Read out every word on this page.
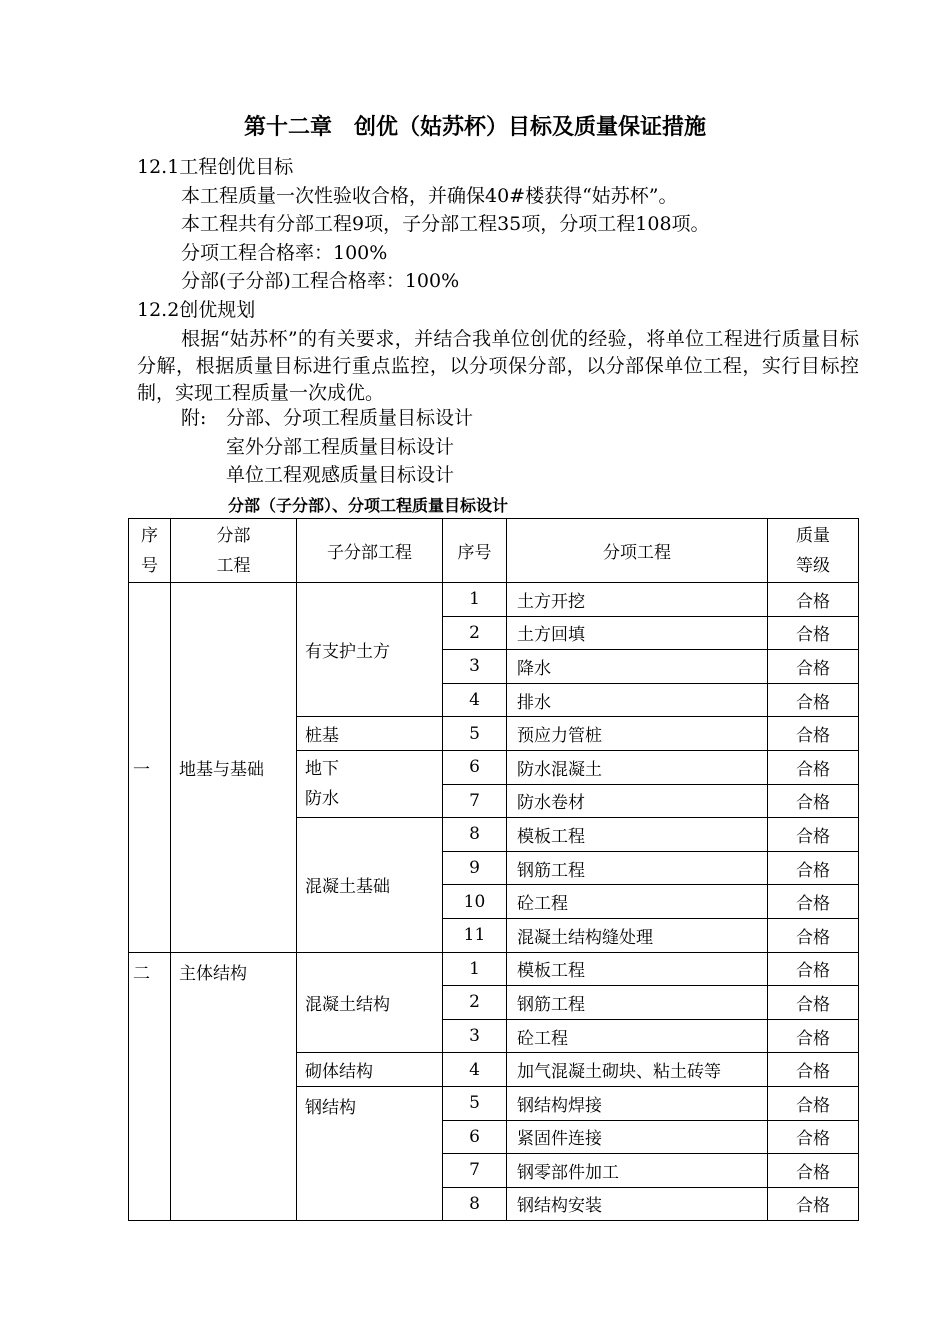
第十二章　创优（姑苏杯）目标及质量保证措施
12.1工程创优目标
本工程质量一次性验收合格，并确保40#楼获得“姑苏杯”。
本工程共有分部工程9项，子分部工程35项，分项工程108项。
分项工程合格率：100%
分部(子分部)工程合格率：100%
12.2创优规划
根据“姑苏杯”的有关要求，并结合我单位创优的经验，将单位工程进行质量目标分解，根据质量目标进行重点监控，以分项保分部，以分部保单位工程，实行目标控制，实现工程质量一次成优。
附: 分部、分项工程质量目标设计
室外分部工程质量目标设计
单位工程观感质量目标设计
分部（子分部）、分项工程质量目标设计
序号	分部工程	子分部工程	序号	分项工程	质量等级

一	地基与基础	有支护土方	1	土方开挖	合格
			2	土方回填	合格
			3	降水	合格
			4	排水	合格
		桩基	5	预应力管桩	合格

		地下防水	6	防水混凝土	合格
			7	防水卷材	合格
		混凝土基础	8	模板工程	合格
			9	钢筋工程	合格
			10	砼工程	合格
			11	混凝土结构缝处理	合格
二	主体结构	混凝土结构	1	模板工程	合格
			2	钢筋工程	合格
			3	砼工程	合格
		砌体结构	4	加气混凝土砌块、粘土砖等	合格
		钢结构	5	钢结构焊接	合格
			6	紧固件连接	合格
			7	钢零部件加工	合格
			8	钢结构安装	合格
